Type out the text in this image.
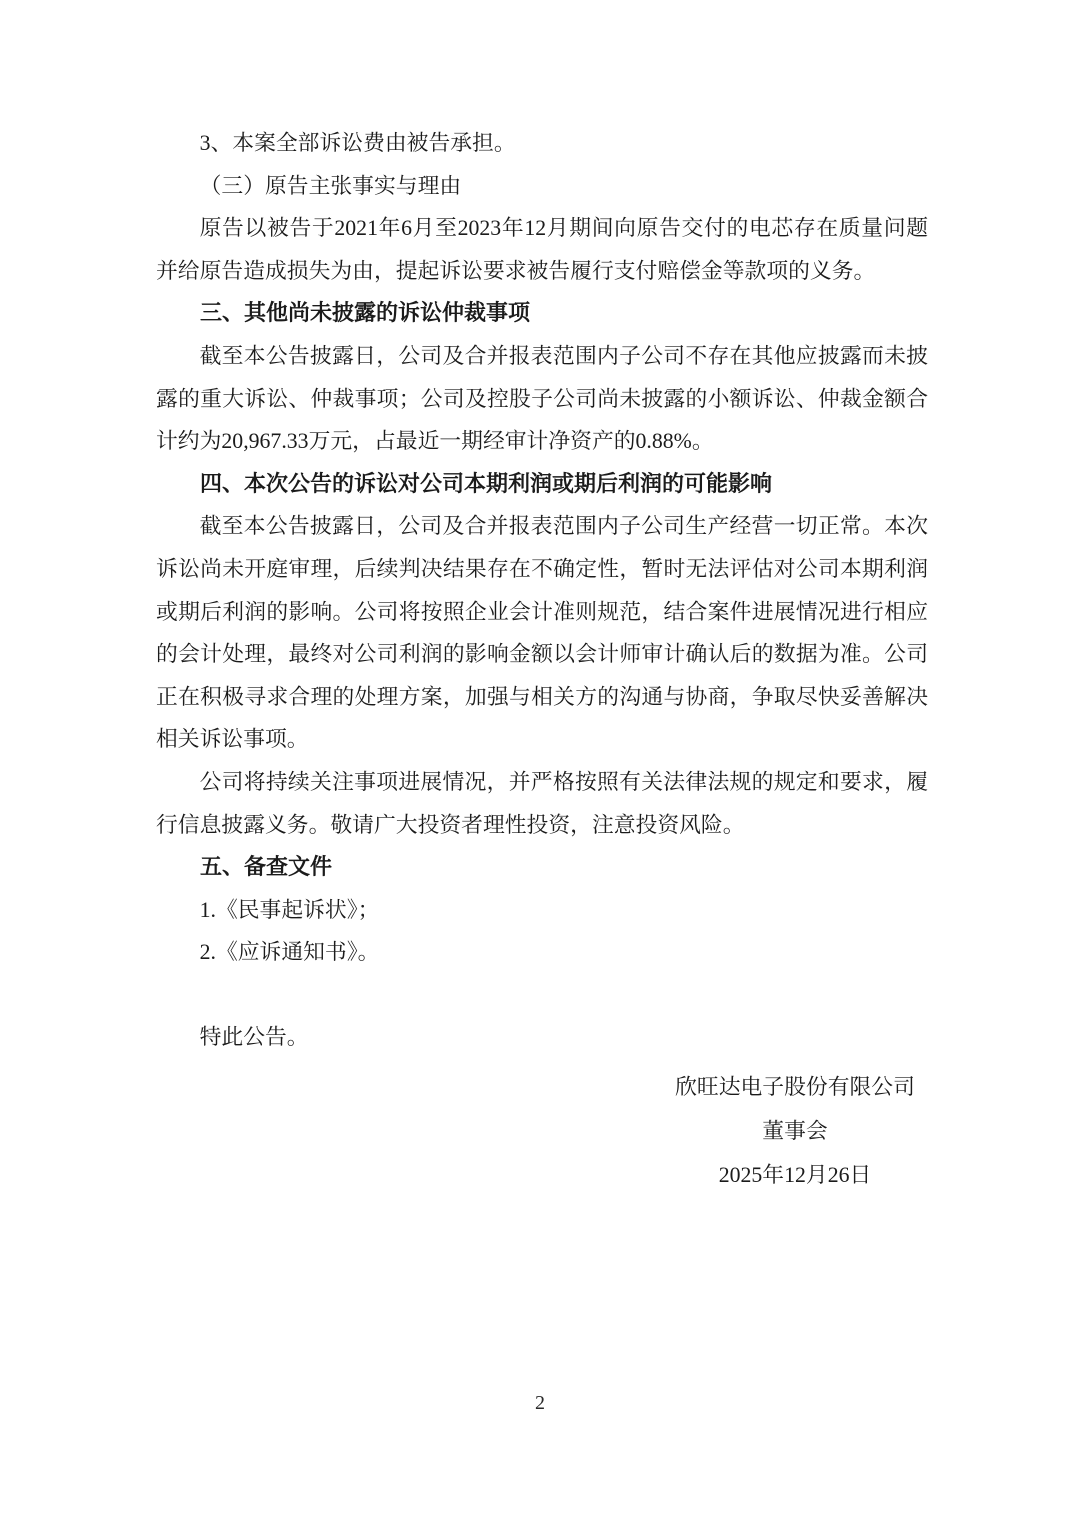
3、本案全部诉讼费由被告承担。

（三）原告主张事实与理由

原告以被告于2021年6月至2023年12月期间向原告交付的电芯存在质量问题并给原告造成损失为由，提起诉讼要求被告履行支付赔偿金等款项的义务。

三、其他尚未披露的诉讼仲裁事项

截至本公告披露日，公司及合并报表范围内子公司不存在其他应披露而未披露的重大诉讼、仲裁事项；公司及控股子公司尚未披露的小额诉讼、仲裁金额合计约为20,967.33万元，占最近一期经审计净资产的0.88%。

四、本次公告的诉讼对公司本期利润或期后利润的可能影响

截至本公告披露日，公司及合并报表范围内子公司生产经营一切正常。本次诉讼尚未开庭审理，后续判决结果存在不确定性，暂时无法评估对公司本期利润或期后利润的影响。公司将按照企业会计准则规范，结合案件进展情况进行相应的会计处理，最终对公司利润的影响金额以会计师审计确认后的数据为准。公司正在积极寻求合理的处理方案，加强与相关方的沟通与协商，争取尽快妥善解决相关诉讼事项。

公司将持续关注事项进展情况，并严格按照有关法律法规的规定和要求，履行信息披露义务。敬请广大投资者理性投资，注意投资风险。

五、备查文件

1.《民事起诉状》；

2.《应诉通知书》。

特此公告。

欣旺达电子股份有限公司
董事会
2025年12月26日
2
